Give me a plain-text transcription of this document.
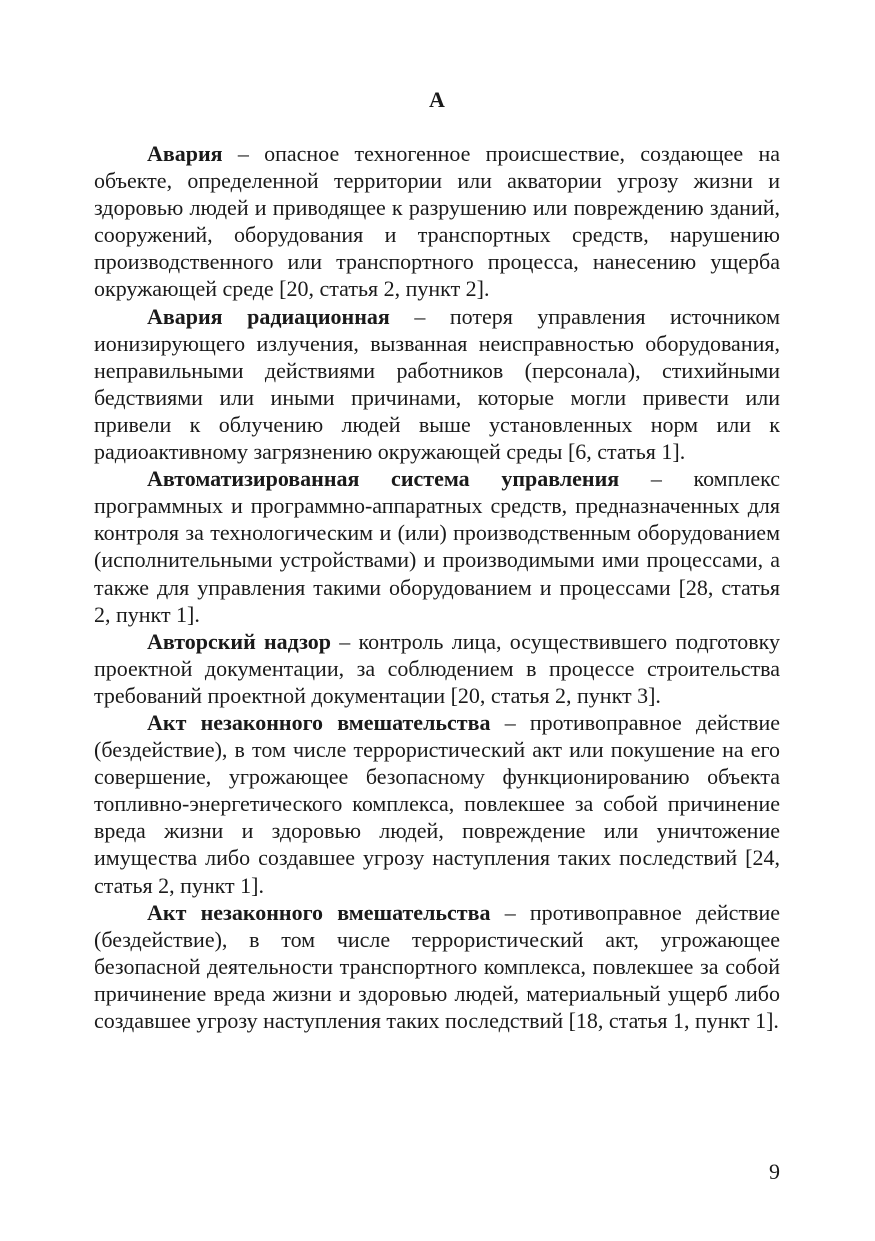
А

Авария – опасное техногенное происшествие, создающее на объекте, определенной территории или акватории угрозу жизни и здоровью людей и приводящее к разрушению или повреждению зданий, сооружений, оборудования и транспортных средств, нарушению производственного или транспортного процесса, нанесению ущерба окружающей среде [20, статья 2, пункт 2].

Авария радиационная – потеря управления источником ионизирующего излучения, вызванная неисправностью оборудования, неправильными действиями работников (персонала), стихийными бедствиями или иными причинами, которые могли привести или привели к облучению людей выше установленных норм или к радиоактивному загрязнению окружающей среды [6, статья 1].

Автоматизированная система управления – комплекс программных и программно-аппаратных средств, предназначенных для контроля за технологическим и (или) производственным оборудованием (исполнительными устройствами) и производимыми ими процессами, а также для управления такими оборудованием и процессами [28, статья 2, пункт 1].

Авторский надзор – контроль лица, осуществившего подготовку проектной документации, за соблюдением в процессе строительства требований проектной документации [20, статья 2, пункт 3].

Акт незаконного вмешательства – противоправное действие (бездействие), в том числе террористический акт или покушение на его совершение, угрожающее безопасному функционированию объекта топливно-энергетического комплекса, повлекшее за собой причинение вреда жизни и здоровью людей, повреждение или уничтожение имущества либо создавшее угрозу наступления таких последствий [24, статья 2, пункт 1].

Акт незаконного вмешательства – противоправное действие (бездействие), в том числе террористический акт, угрожающее безопасной деятельности транспортного комплекса, повлекшее за собой причинение вреда жизни и здоровью людей, материальный ущерб либо создавшее угрозу наступления таких последствий [18, статья 1, пункт 1].

9
